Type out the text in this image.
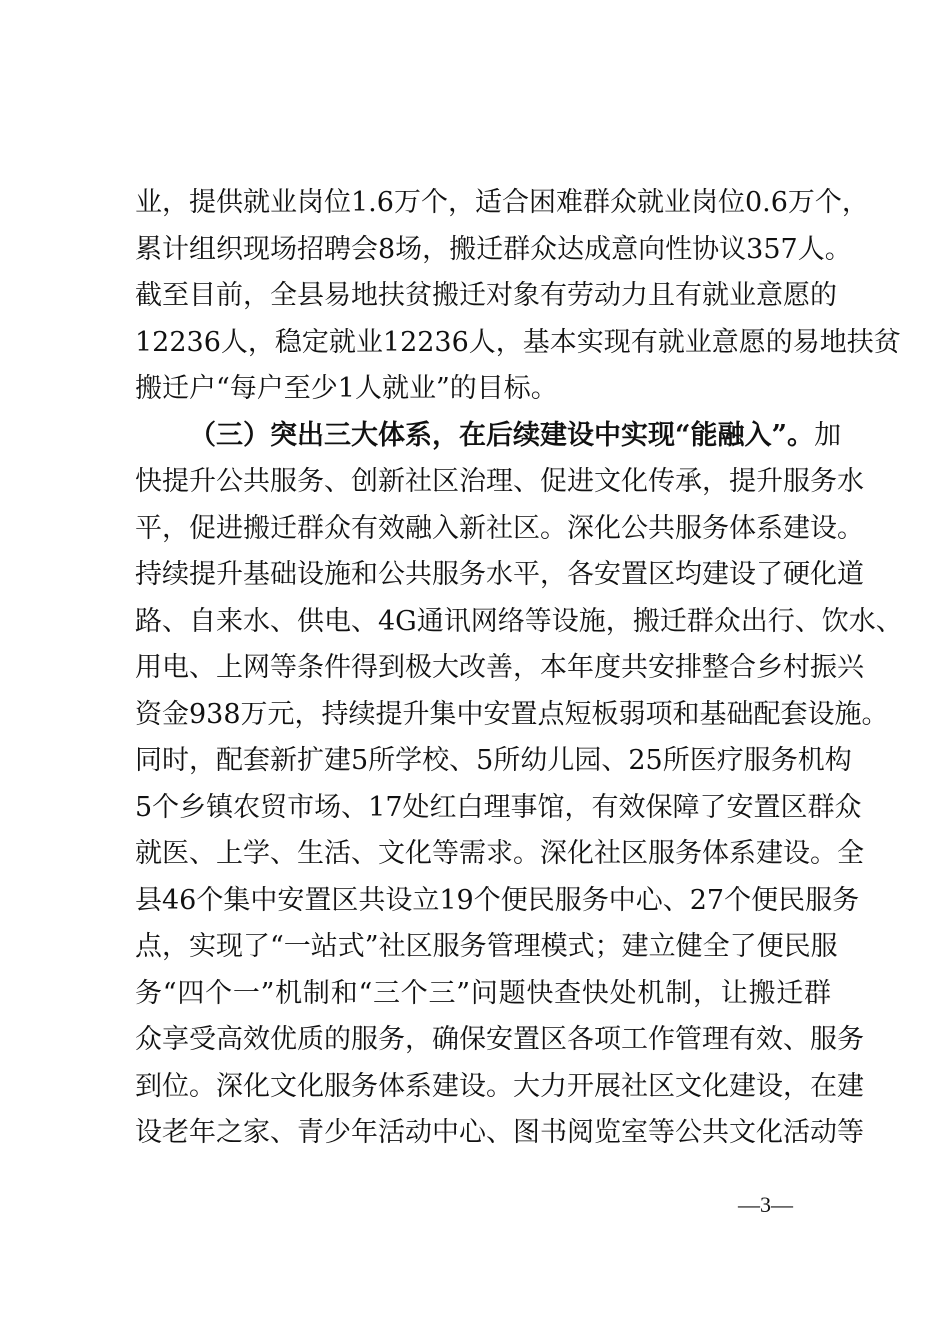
业，提供就业岗位1.6万个，适合困难群众就业岗位0.6万个，
累计组织现场招聘会8场，搬迁群众达成意向性协议357人。
截至目前，全县易地扶贫搬迁对象有劳动力且有就业意愿的
12236人，稳定就业12236人，基本实现有就业意愿的易地扶贫
搬迁户“每户至少1人就业”的目标。
（三）突出三大体系，在后续建设中实现“能融入”。加
快提升公共服务、创新社区治理、促进文化传承，提升服务水
平，促进搬迁群众有效融入新社区。深化公共服务体系建设。
持续提升基础设施和公共服务水平，各安置区均建设了硬化道
路、自来水、供电、4G通讯网络等设施，搬迁群众出行、饮水、
用电、上网等条件得到极大改善，本年度共安排整合乡村振兴
资金938万元，持续提升集中安置点短板弱项和基础配套设施。
同时，配套新扩建5所学校、5所幼儿园、25所医疗服务机构
5个乡镇农贸市场、17处红白理事馆，有效保障了安置区群众
就医、上学、生活、文化等需求。深化社区服务体系建设。全
县46个集中安置区共设立19个便民服务中心、27个便民服务
点，实现了“一站式”社区服务管理模式；建立健全了便民服
务“四个一”机制和“三个三”问题快查快处机制，让搬迁群
众享受高效优质的服务，确保安置区各项工作管理有效、服务
到位。深化文化服务体系建设。大力开展社区文化建设，在建
设老年之家、青少年活动中心、图书阅览室等公共文化活动等
—3—
